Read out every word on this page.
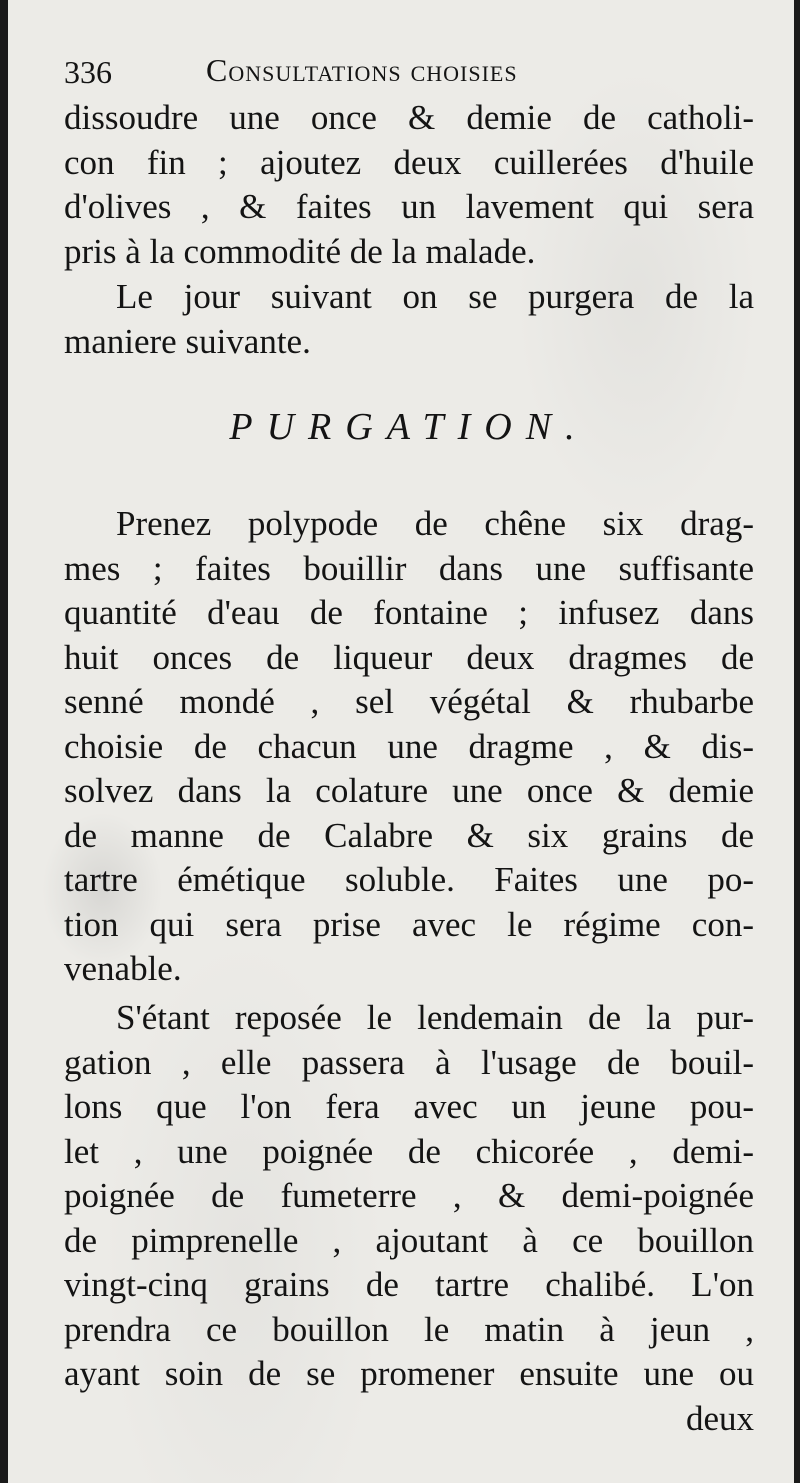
336	Consultations choisies
dissoudre une once & demie de catholi-
con fin ; ajoutez deux cuillerées d'huile
d'olives , & faites un lavement qui sera
pris à la commodité de la malade.
Le jour suivant on se purgera de la
maniere suivante.
PURGATION.
Prenez polypode de chêne six drag-
mes ; faites bouillir dans une suffisante
quantité d'eau de fontaine ; infusez dans
huit onces de liqueur deux dragmes de
senné mondé , sel végétal & rhubarbe
choisie de chacun une dragme , & dis-
solvez dans la colature une once & demie
de manne de Calabre & six grains de
tartre émétique soluble. Faites une po-
tion qui sera prise avec le régime con-
venable.
S'étant reposée le lendemain de la pur-
gation , elle passera à l'usage de bouil-
lons que l'on fera avec un jeune pou-
let , une poignée de chicorée , demi-
poignée de fumeterre , & demi-poignée
de pimprenelle , ajoutant à ce bouillon
vingt-cinq grains de tartre chalibé. L'on
prendra ce bouillon le matin à jeun ,
ayant soin de se promener ensuite une ou
deux
